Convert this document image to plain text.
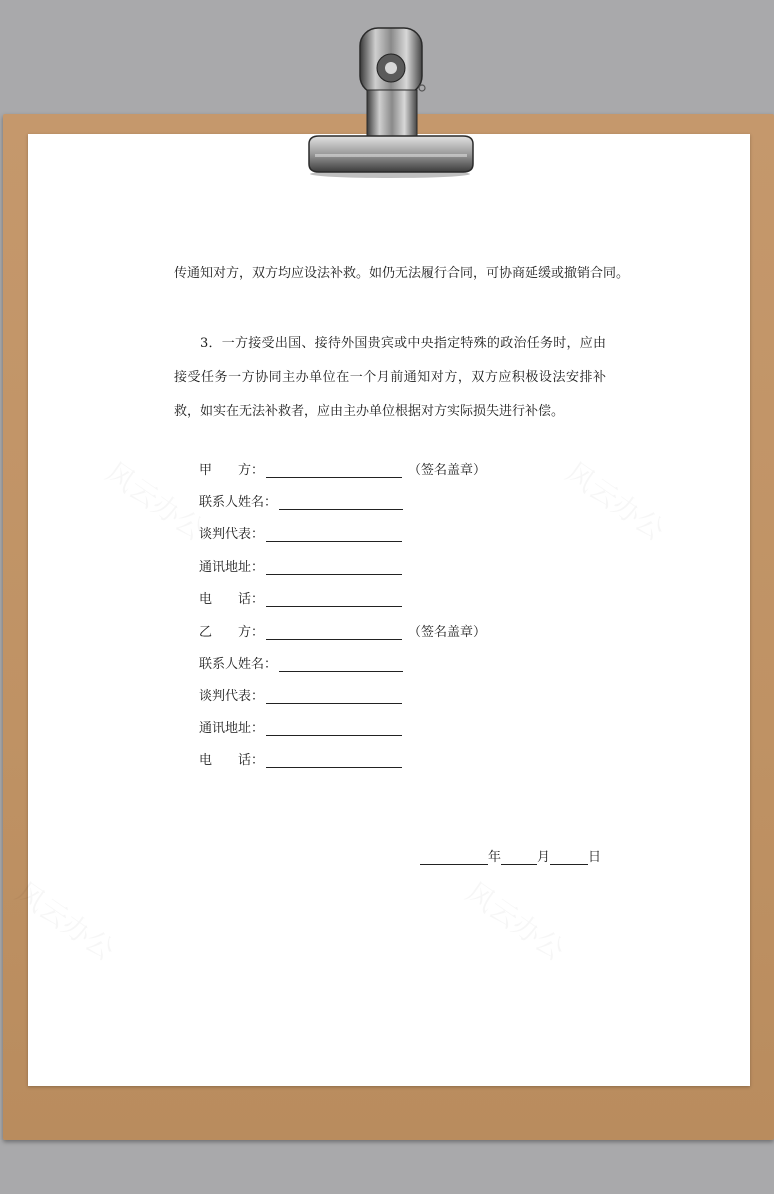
传通知对方，双方均应设法补救。如仍无法履行合同，可协商延缓或撤销合同。

3．一方接受出国、接待外国贵宾或中央指定特殊的政治任务时，应由接受任务一方协同主办单位在一个月前通知对方，双方应积极设法安排补救，如实在无法补救者，应由主办单位根据对方实际损失进行补偿。

甲　　方：	（签名盖章）
联系人姓名：
谈判代表：
通讯地址：
电　　话：
乙　　方：	（签名盖章）
联系人姓名：
谈判代表：
通讯地址：
电　　话：
年	月	日
